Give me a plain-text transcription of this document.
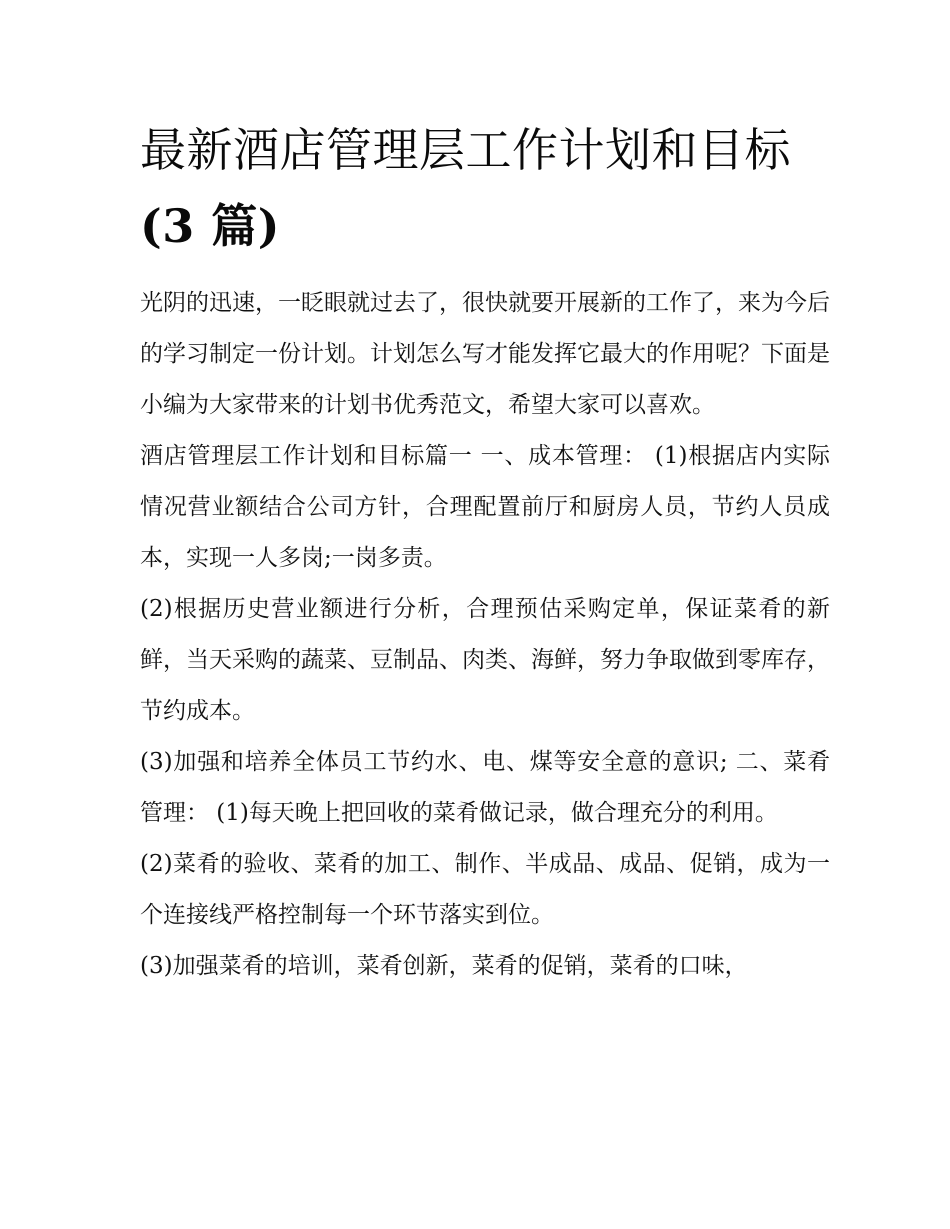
最新酒店管理层工作计划和目标(3 篇)

光阴的迅速，一眨眼就过去了，很快就要开展新的工作了，来为今后的学习制定一份计划。计划怎么写才能发挥它最大的作用呢？下面是小编为大家带来的计划书优秀范文，希望大家可以喜欢。

酒店管理层工作计划和目标篇一 一、成本管理： (1)根据店内实际情况营业额结合公司方针，合理配置前厅和厨房人员，节约人员成本，实现一人多岗;一岗多责。

(2)根据历史营业额进行分析，合理预估采购定单，保证菜肴的新鲜，当天采购的蔬菜、豆制品、肉类、海鲜，努力争取做到零库存，节约成本。

(3)加强和培养全体员工节约水、电、煤等安全意的意识; 二、菜肴管理： (1)每天晚上把回收的菜肴做记录，做合理充分的利用。

(2)菜肴的验收、菜肴的加工、制作、半成品、成品、促销，成为一个连接线严格控制每一个环节落实到位。

(3)加强菜肴的培训，菜肴创新，菜肴的促销，菜肴的口味，
